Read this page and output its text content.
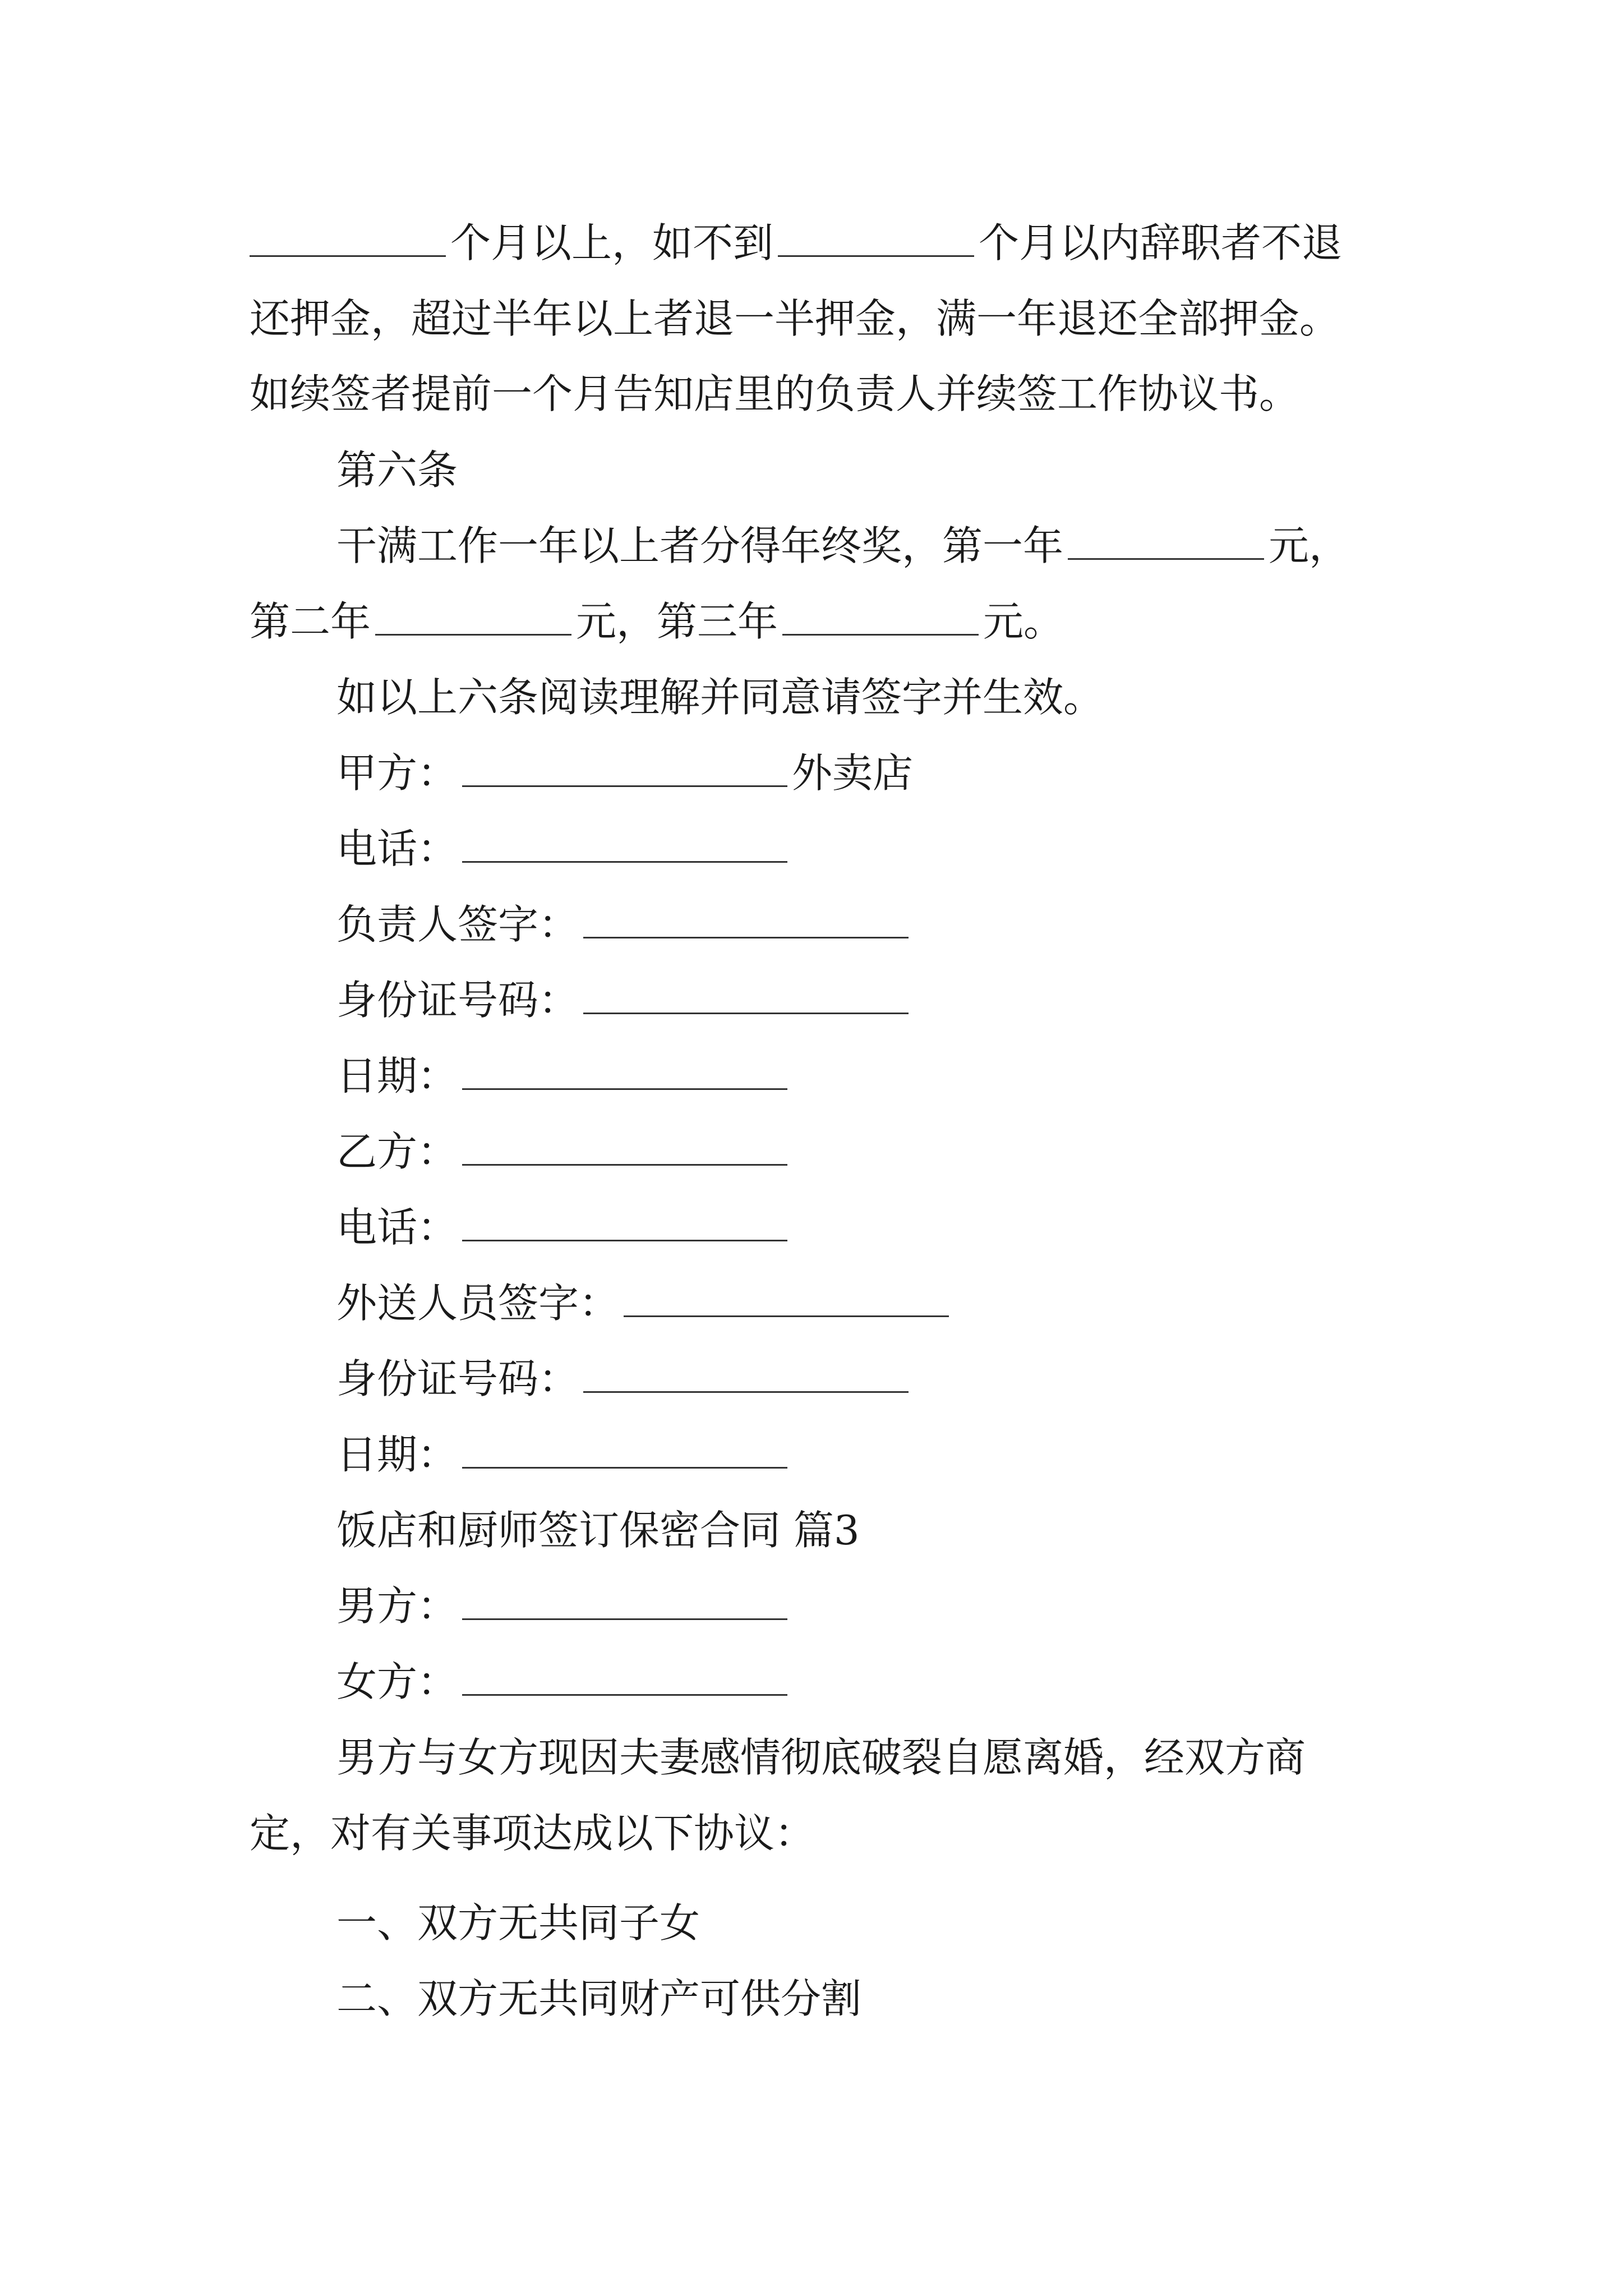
个月以上，如不到	个月以内辞职者不退
还押金，超过半年以上者退一半押金，满一年退还全部押金。
如续签者提前一个月告知店里的负责人并续签工作协议书。
第六条
干满工作一年以上者分得年终奖，第一年	元，
第二年	元，第三年	元。
如以上六条阅读理解并同意请签字并生效。
甲方：	外卖店
电话：
负责人签字：
身份证号码：
日期：
乙方：
电话：
外送人员签字：
身份证号码：
日期：
饭店和厨师签订保密合同 篇3
男方：
女方：
男方与女方现因夫妻感情彻底破裂自愿离婚，经双方商
定，对有关事项达成以下协议：
一、双方无共同子女
二、双方无共同财产可供分割
